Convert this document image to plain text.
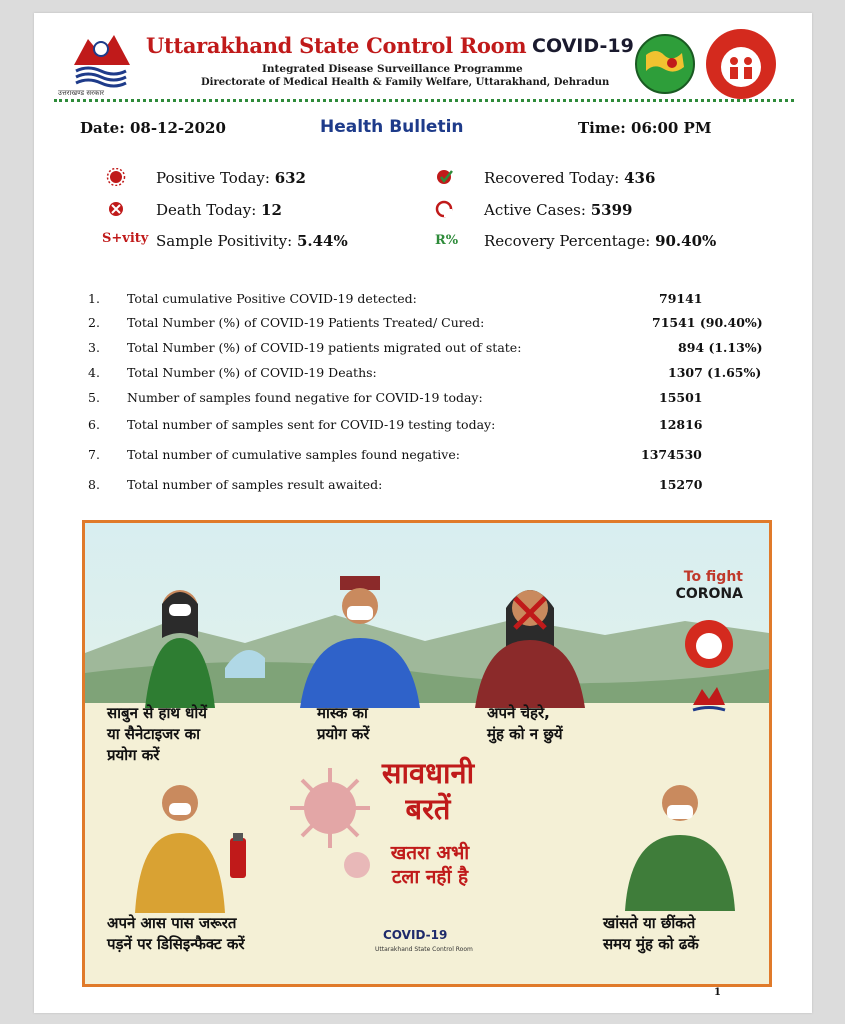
उत्तराखण्ड सरकार
Uttarakhand State Control Room COVID-19
Integrated Disease Surveillance Programme
Directorate of Medical Health & Family Welfare, Uttarakhand, Dehradun
Date: 08-12-2020	Health Bulletin	Time: 06:00 PM
Positive Today: 632	Recovered Today: 436
Death Today: 12	Active Cases: 5399
S+vity Sample Positivity: 5.44%	R% Recovery Percentage: 90.40%
1. Total cumulative Positive COVID-19 detected:	79141
2. Total Number (%) of COVID-19 Patients Treated/ Cured:	71541 (90.40%)
3. Total Number (%) of COVID-19 patients migrated out of state:	894 (1.13%)
4. Total Number (%) of COVID-19 Deaths:	1307 (1.65%)
5. Number of samples found negative for COVID-19 today:	15501
6. Total number of samples sent for COVID-19 testing today:	12816
7. Total number of cumulative samples found negative:	1374530
8. Total number of samples result awaited:	15270
To fight
CORONA
साबुन से हाथ धोयें
या सैनेटाइजर का
प्रयोग करें
मास्क का
प्रयोग करें
अपने चेहरे,
मुंह को न छुयें
सावधानी
बरतें
खतरा अभी
टला नहीं है
अपने आस पास जरूरत
पड़नें पर डिसिइन्फैक्ट करें
खांसते या छींकते
समय मुंह को ढकें
COVID-19
Uttarakhand State Control Room
1
